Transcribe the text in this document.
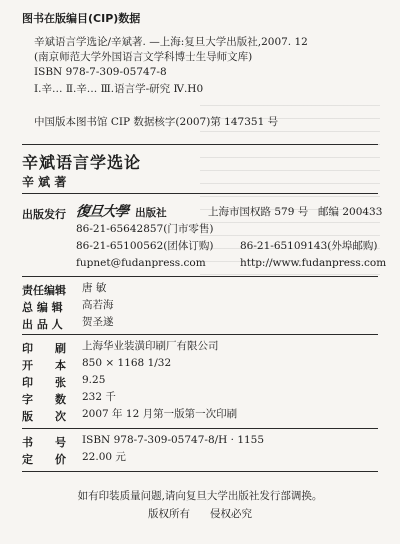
图书在版编目(CIP)数据
辛斌语言学选论/辛斌著. —上海:复旦大学出版社,2007. 12
(南京师范大学外国语言文学科博士生导师文库)
ISBN 978-7-309-05747-8
Ⅰ.辛… Ⅱ.辛… Ⅲ.语言学-研究 Ⅳ.H0
中国版本图书馆 CIP 数据核字(2007)第 147351 号
辛斌语言学选论
辛 斌 著
出版发行 復旦大學 出版社	上海市国权路 579 号 邮编 200433
86-21-65642857(门市零售)
86-21-65100562(团体订购)	86-21-65109143(外埠邮购)
fupnet@fudanpress.com	http://www.fudanpress.com
责任编辑 唐 敏
总 编 辑 高若海
出 品 人 贺圣遂
印 刷 上海华业装潢印刷厂有限公司
开 本 850 × 1168 1/32
印 张 9.25
字 数 232 千
版 次 2007 年 12 月第一版第一次印刷
书 号 ISBN 978-7-309-05747-8/H · 1155
定 价 22.00 元
如有印装质量问题,请向复旦大学出版社发行部调换。
版权所有      侵权必究
